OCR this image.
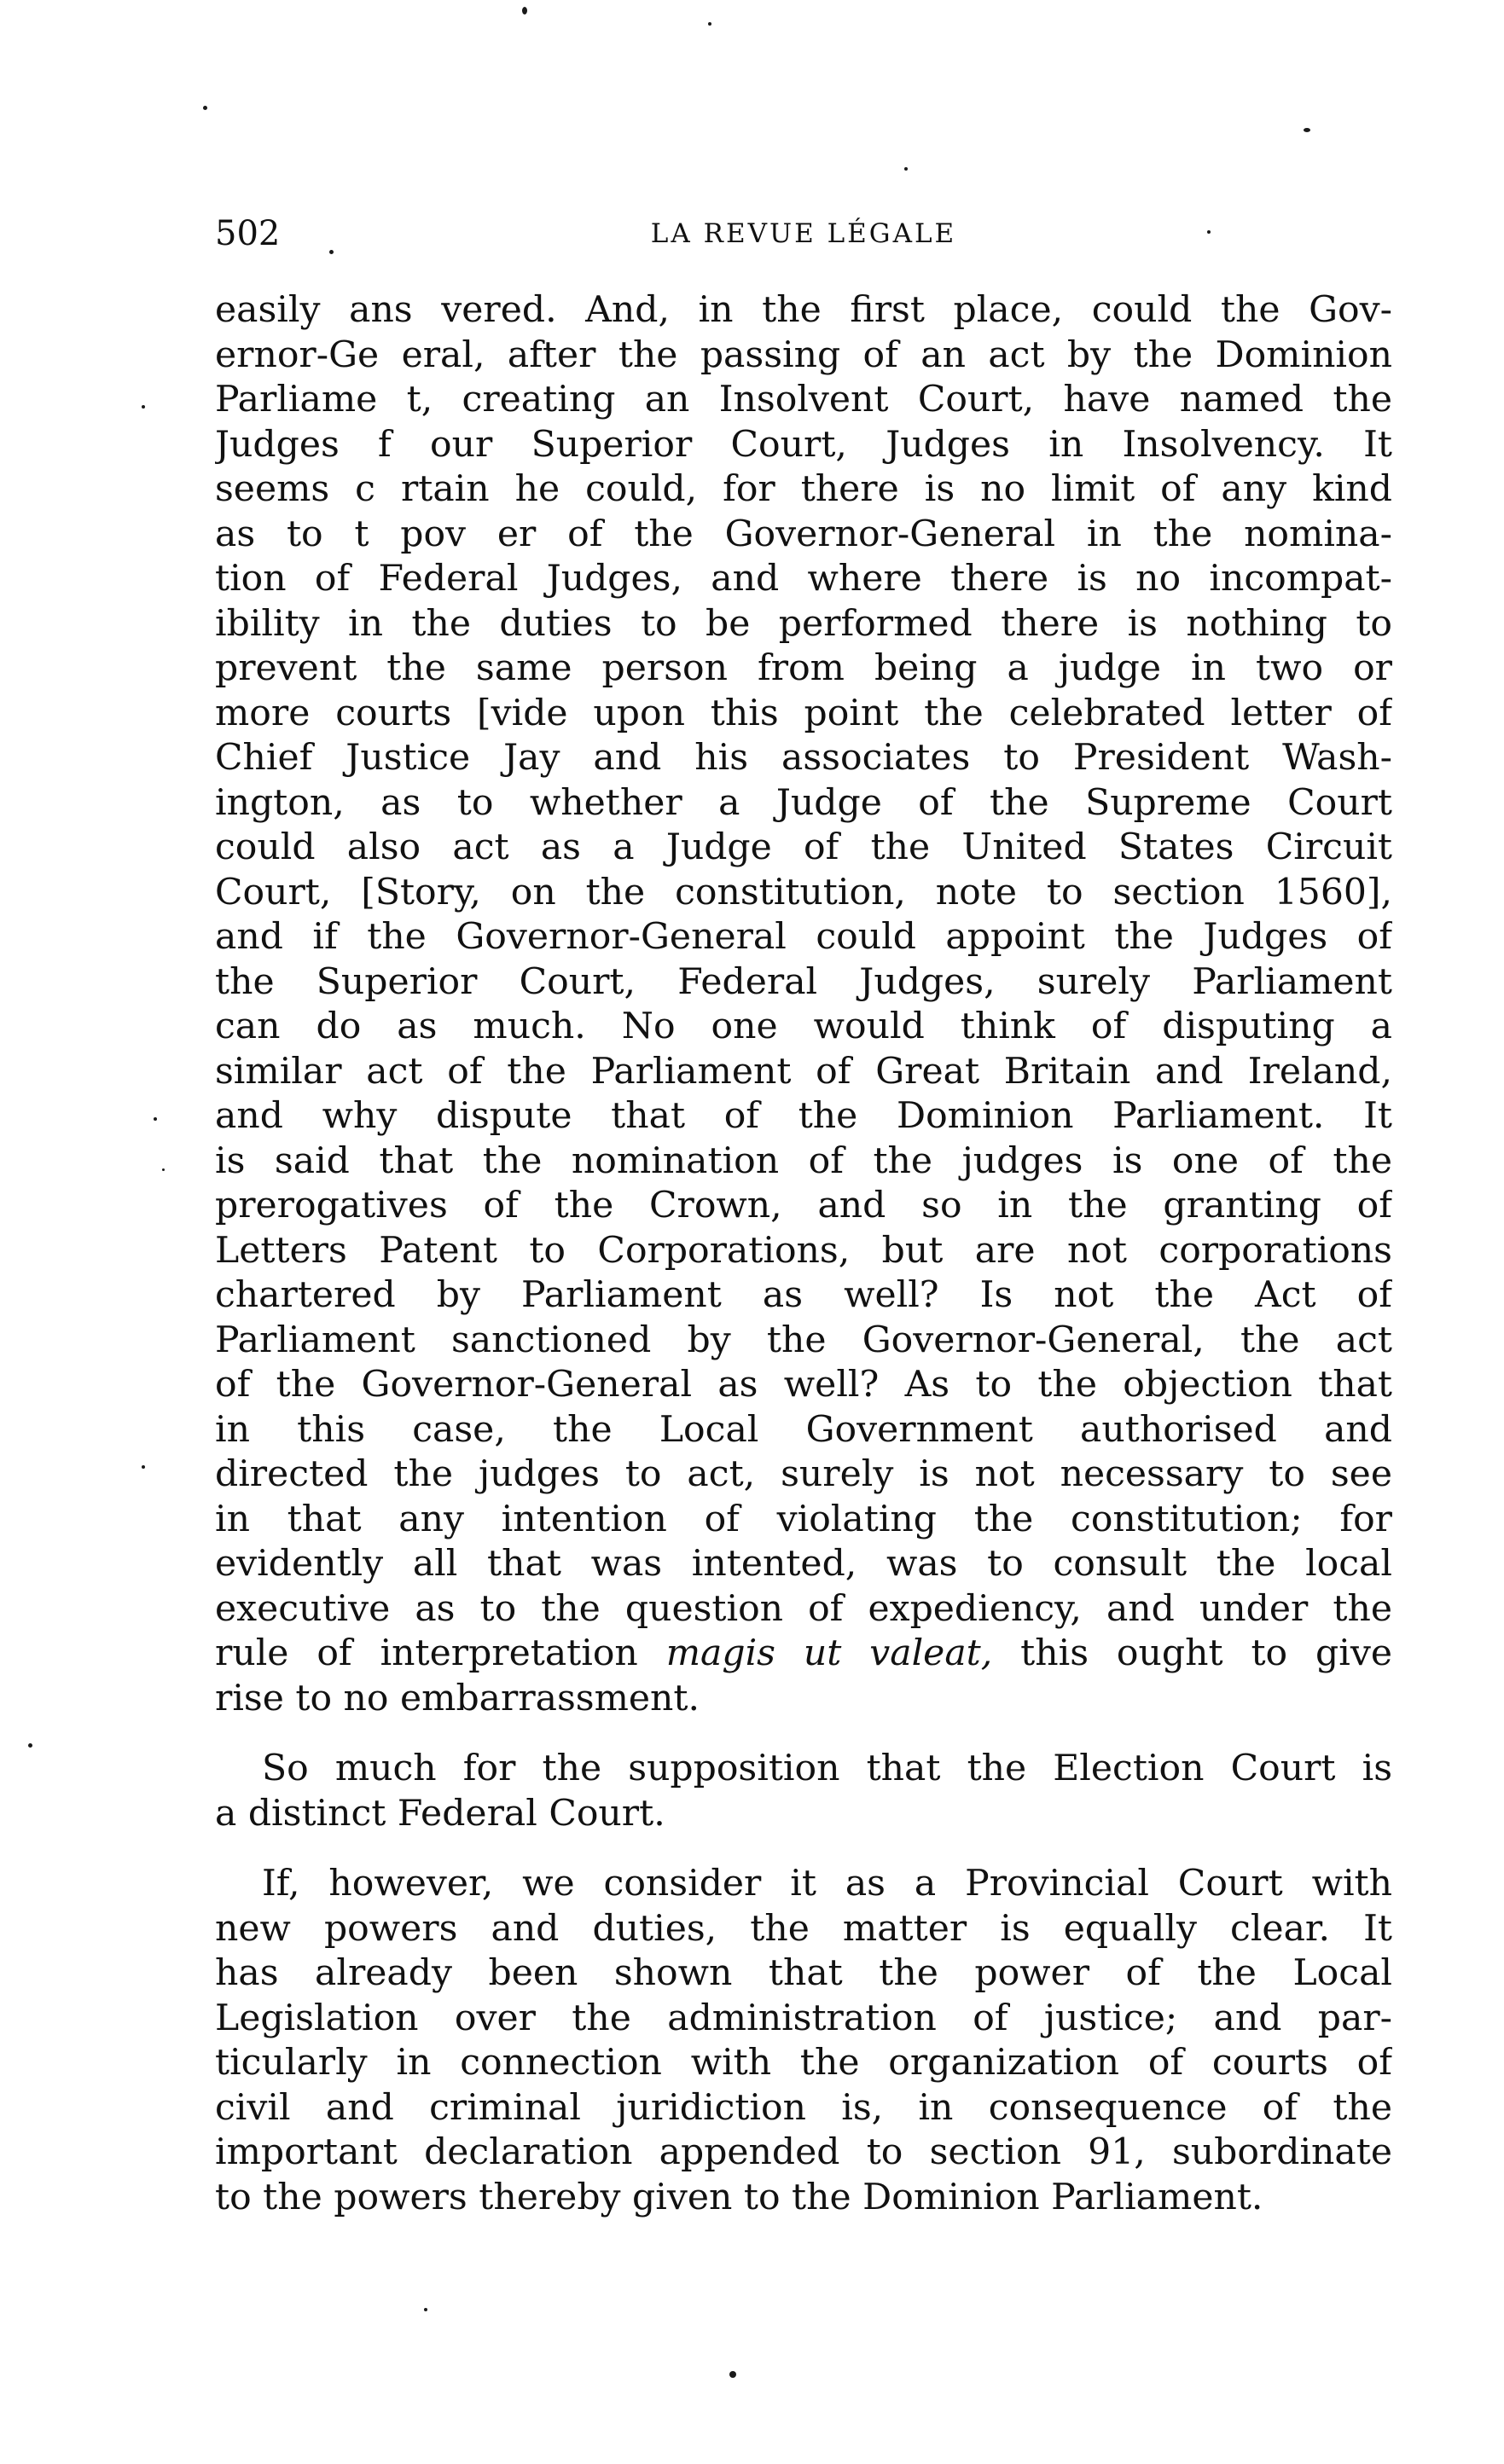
502	LA REVUE LÉGALE
easily ans vered. And, in the first place, could the Gov-
ernor-Ge eral, after the passing of an act by the Dominion
Parliame t, creating an Insolvent Court, have named the
Judges f our Superior Court, Judges in Insolvency. It
seems c rtain he could, for there is no limit of any kind
as to t pov er of the Governor-General in the nomina-
tion of Federal Judges, and where there is no incompat-
ibility in the duties to be performed there is nothing to
prevent the same person from being a judge in two or
more courts [vide upon this point the celebrated letter of
Chief Justice Jay and his associates to President Wash-
ington, as to whether a Judge of the Supreme Court
could also act as a Judge of the United States Circuit
Court, [Story, on the constitution, note to section 1560],
and if the Governor-General could appoint the Judges of
the Superior Court, Federal Judges, surely Parliament
can do as much. No one would think of disputing a
similar act of the Parliament of Great Britain and Ireland,
and why dispute that of the Dominion Parliament. It
is said that the nomination of the judges is one of the
prerogatives of the Crown, and so in the granting of
Letters Patent to Corporations, but are not corporations
chartered by Parliament as well? Is not the Act of
Parliament sanctioned by the Governor-General, the act
of the Governor-General as well? As to the objection that
in this case, the Local Government authorised and
directed the judges to act, surely is not necessary to see
in that any intention of violating the constitution; for
evidently all that was intented, was to consult the local
executive as to the question of expediency, and under the
rule of interpretation magis ut valeat, this ought to give
rise to no embarrassment.
So much for the supposition that the Election Court is
a distinct Federal Court.
If, however, we consider it as a Provincial Court with
new powers and duties, the matter is equally clear. It
has already been shown that the power of the Local
Legislation over the administration of justice; and par-
ticularly in connection with the organization of courts of
civil and criminal juridiction is, in consequence of the
important declaration appended to section 91, subordinate
to the powers thereby given to the Dominion Parliament.
